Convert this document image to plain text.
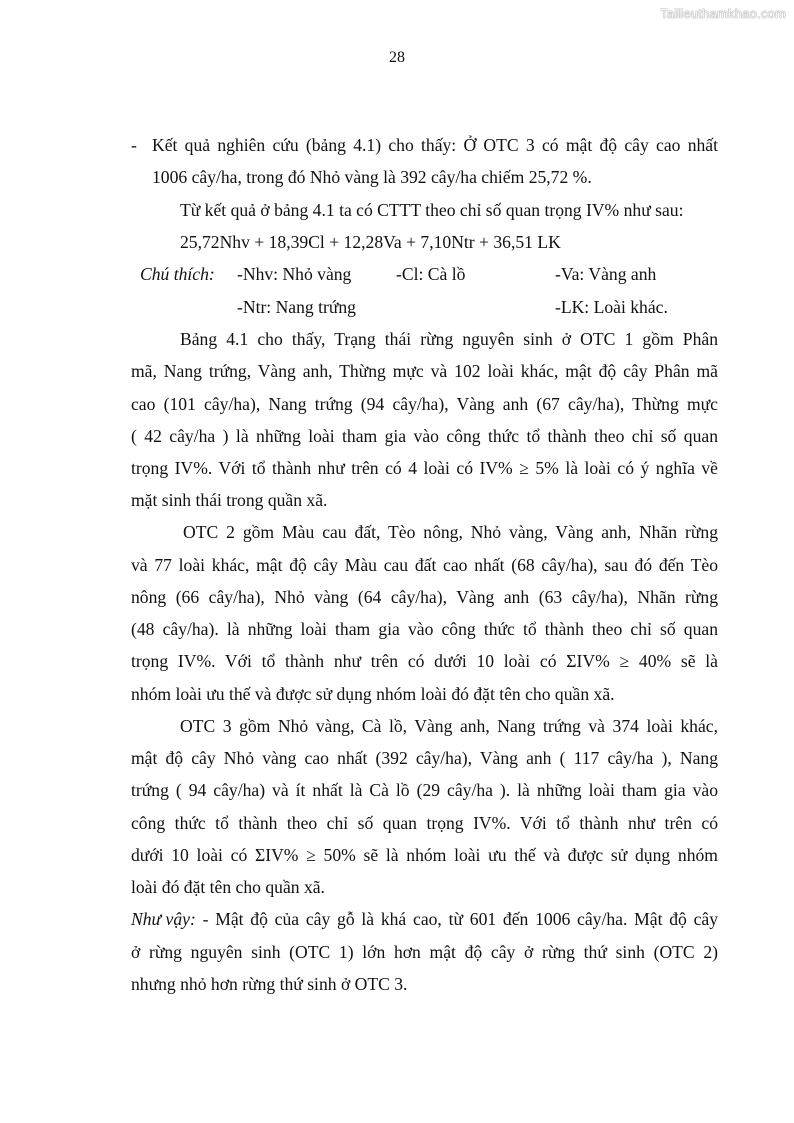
Tailieuthamkhao.com
28
- Kết quả nghiên cứu (bảng 4.1) cho thấy: Ở OTC 3 có mật độ cây cao nhất
1006 cây/ha, trong đó Nhỏ vàng là 392 cây/ha chiếm 25,72 %.
Từ kết quả ở bảng 4.1 ta có CTTT theo chỉ số quan trọng IV% như sau:
25,72Nhv + 18,39Cl + 12,28Va + 7,10Ntr + 36,51 LK
Chú thích: -Nhv: Nhỏ vàng	-Cl: Cà lồ	-Va: Vàng anh
-Ntr: Nang trứng	-LK: Loài khác.
Bảng 4.1 cho thấy, Trạng thái rừng nguyên sinh ở OTC 1 gồm Phân
mã, Nang trứng, Vàng anh, Thừng mực và 102 loài khác, mật độ cây Phân mã
cao (101 cây/ha), Nang trứng (94 cây/ha), Vàng anh (67 cây/ha), Thừng mực
( 42 cây/ha ) là những loài tham gia vào công thức tổ thành theo chỉ số quan
trọng IV%. Với tổ thành như trên có 4 loài có IV% ≥ 5% là loài có ý nghĩa về
mặt sinh thái trong quần xã.
OTC 2 gồm Màu cau đất, Tèo nông, Nhỏ vàng, Vàng anh, Nhãn rừng
và 77 loài khác, mật độ cây Màu cau đất cao nhất (68 cây/ha), sau đó đến Tèo
nông (66 cây/ha), Nhỏ vàng (64 cây/ha), Vàng anh (63 cây/ha), Nhãn rừng
(48 cây/ha). là những loài tham gia vào công thức tổ thành theo chỉ số quan
trọng IV%. Với tổ thành như trên có dưới 10 loài có ΣIV% ≥ 40% sẽ là
nhóm loài ưu thế và được sử dụng nhóm loài đó đặt tên cho quần xã.
OTC 3 gồm Nhỏ vàng, Cà lồ, Vàng anh, Nang trứng và 374 loài khác,
mật độ cây Nhỏ vàng cao nhất (392 cây/ha), Vàng anh ( 117 cây/ha ), Nang
trứng ( 94 cây/ha) và ít nhất là Cà lồ (29 cây/ha ). là những loài tham gia vào
công thức tổ thành theo chỉ số quan trọng IV%. Với tổ thành như trên có
dưới 10 loài có ΣIV% ≥ 50% sẽ là nhóm loài ưu thế và được sử dụng nhóm
loài đó đặt tên cho quần xã.
Như vậy: - Mật độ của cây gỗ là khá cao, từ 601 đến 1006 cây/ha. Mật độ cây
ở rừng nguyên sinh (OTC 1) lớn hơn mật độ cây ở rừng thứ sinh (OTC 2)
nhưng nhỏ hơn rừng thứ sinh ở OTC 3.
